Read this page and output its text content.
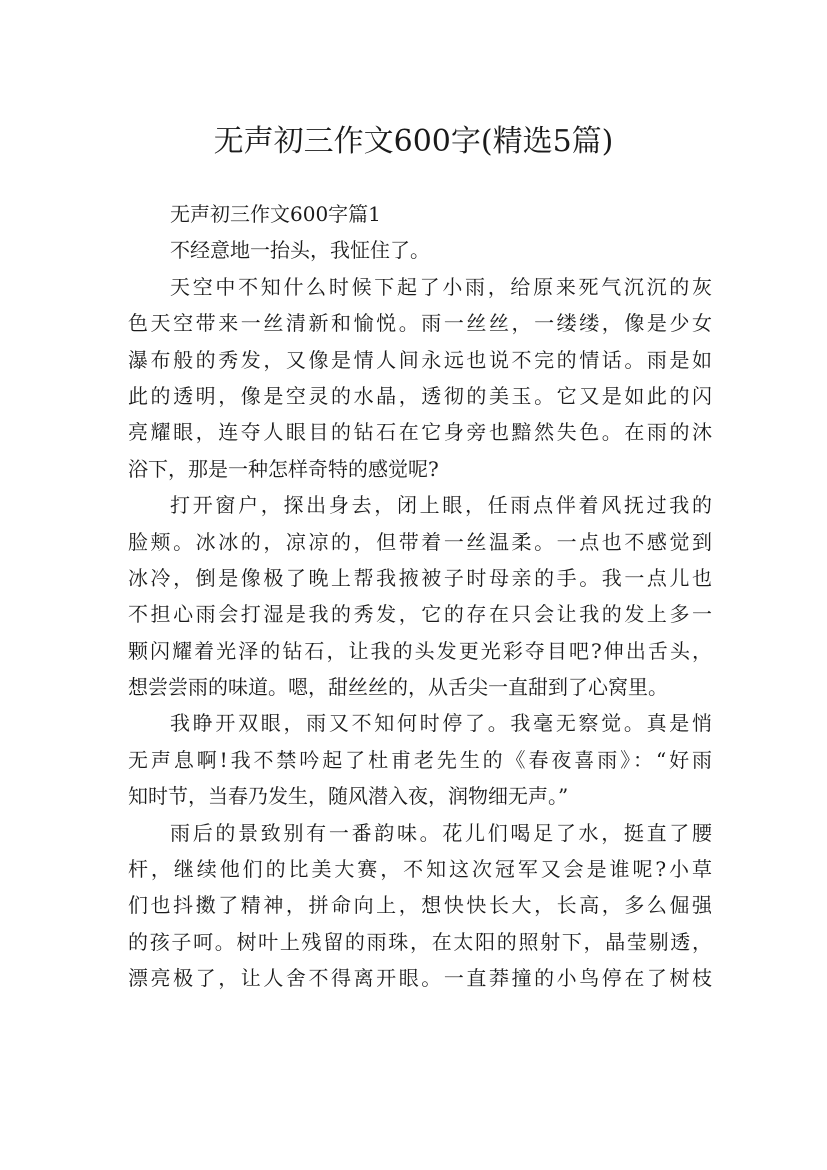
无声初三作文600字(精选5篇)
无声初三作文600字篇1
不经意地一抬头，我怔住了。
天空中不知什么时候下起了小雨，给原来死气沉沉的灰
色天空带来一丝清新和愉悦。雨一丝丝，一缕缕，像是少女
瀑布般的秀发，又像是情人间永远也说不完的情话。雨是如
此的透明，像是空灵的水晶，透彻的美玉。它又是如此的闪
亮耀眼，连夺人眼目的钻石在它身旁也黯然失色。在雨的沐
浴下，那是一种怎样奇特的感觉呢?
打开窗户，探出身去，闭上眼，任雨点伴着风抚过我的
脸颊。冰冰的，凉凉的，但带着一丝温柔。一点也不感觉到
冰冷，倒是像极了晚上帮我掖被子时母亲的手。我一点儿也
不担心雨会打湿是我的秀发，它的存在只会让我的发上多一
颗闪耀着光泽的钻石，让我的头发更光彩夺目吧?伸出舌头，
想尝尝雨的味道。嗯，甜丝丝的，从舌尖一直甜到了心窝里。
我睁开双眼，雨又不知何时停了。我毫无察觉。真是悄
无声息啊!我不禁吟起了杜甫老先生的《春夜喜雨》：“好雨
知时节，当春乃发生，随风潜入夜，润物细无声。”
雨后的景致别有一番韵味。花儿们喝足了水，挺直了腰
杆，继续他们的比美大赛，不知这次冠军又会是谁呢?小草
们也抖擞了精神，拼命向上，想快快长大，长高，多么倔强
的孩子呵。树叶上残留的雨珠，在太阳的照射下，晶莹剔透，
漂亮极了，让人舍不得离开眼。一直莽撞的小鸟停在了树枝
